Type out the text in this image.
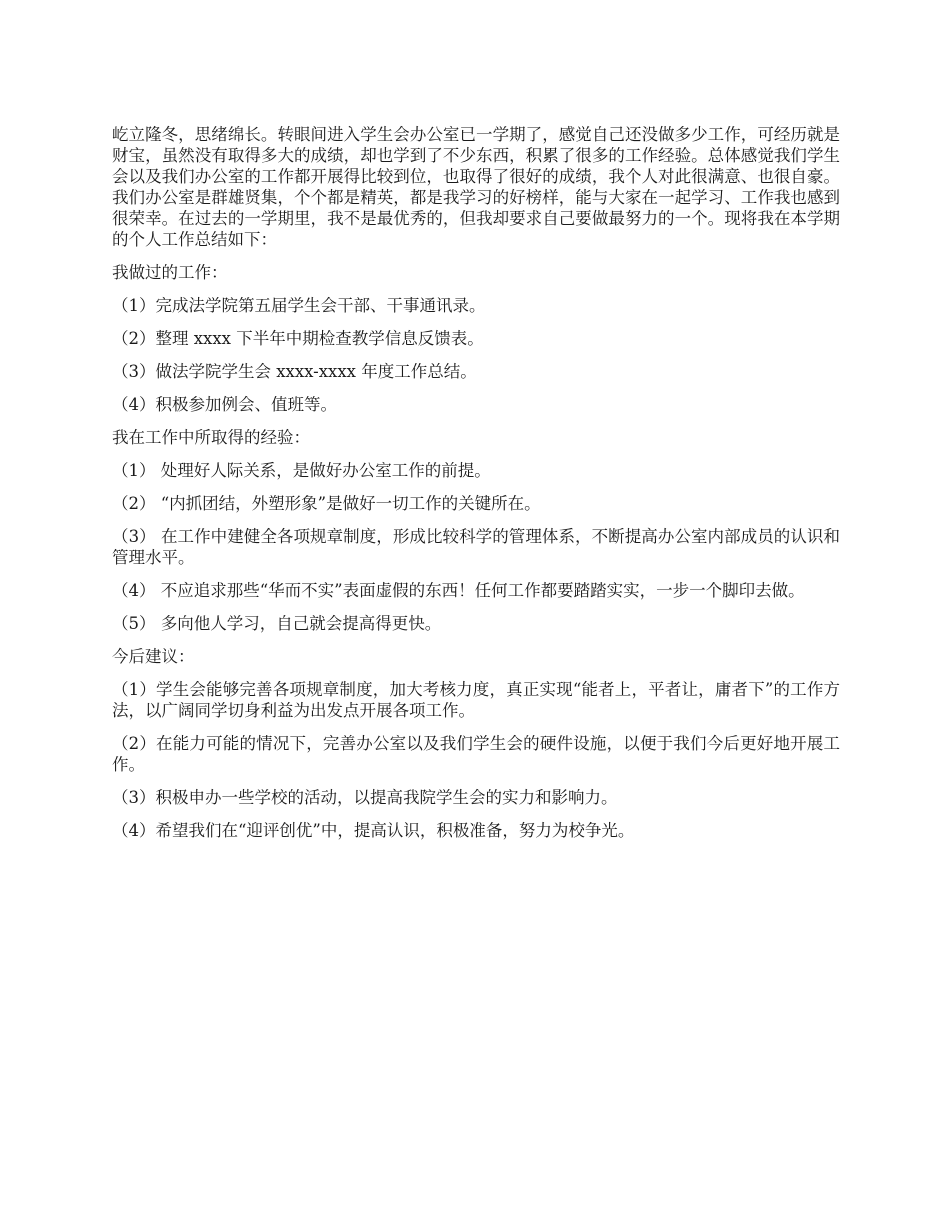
屹立隆冬，思绪绵长。转眼间进入学生会办公室已一学期了，感觉自己还没做多少工作，可经历就是财宝，虽然没有取得多大的成绩，却也学到了不少东西，积累了很多的工作经验。总体感觉我们学生会以及我们办公室的工作都开展得比较到位，也取得了很好的成绩，我个人对此很满意、也很自豪。我们办公室是群雄贤集，个个都是精英，都是我学习的好榜样，能与大家在一起学习、工作我也感到很荣幸。在过去的一学期里，我不是最优秀的，但我却要求自己要做最努力的一个。现将我在本学期的个人工作总结如下：

我做过的工作：

（1）完成法学院第五届学生会干部、干事通讯录。

（2）整理 xxxx 下半年中期检查教学信息反馈表。

（3）做法学院学生会 xxxx-xxxx 年度工作总结。

（4）积极参加例会、值班等。

我在工作中所取得的经验：

（1） 处理好人际关系，是做好办公室工作的前提。

（2） “内抓团结，外塑形象”是做好一切工作的关键所在。

（3） 在工作中建健全各项规章制度，形成比较科学的管理体系，不断提高办公室内部成员的认识和管理水平。

（4） 不应追求那些“华而不实”表面虚假的东西！任何工作都要踏踏实实，一步一个脚印去做。

（5） 多向他人学习，自己就会提高得更快。

今后建议：

（1）学生会能够完善各项规章制度，加大考核力度，真正实现“能者上，平者让，庸者下”的工作方法，以广阔同学切身利益为出发点开展各项工作。

（2）在能力可能的情况下，完善办公室以及我们学生会的硬件设施，以便于我们今后更好地开展工作。

（3）积极申办一些学校的活动，以提高我院学生会的实力和影响力。

（4）希望我们在“迎评创优”中，提高认识，积极准备，努力为校争光。
